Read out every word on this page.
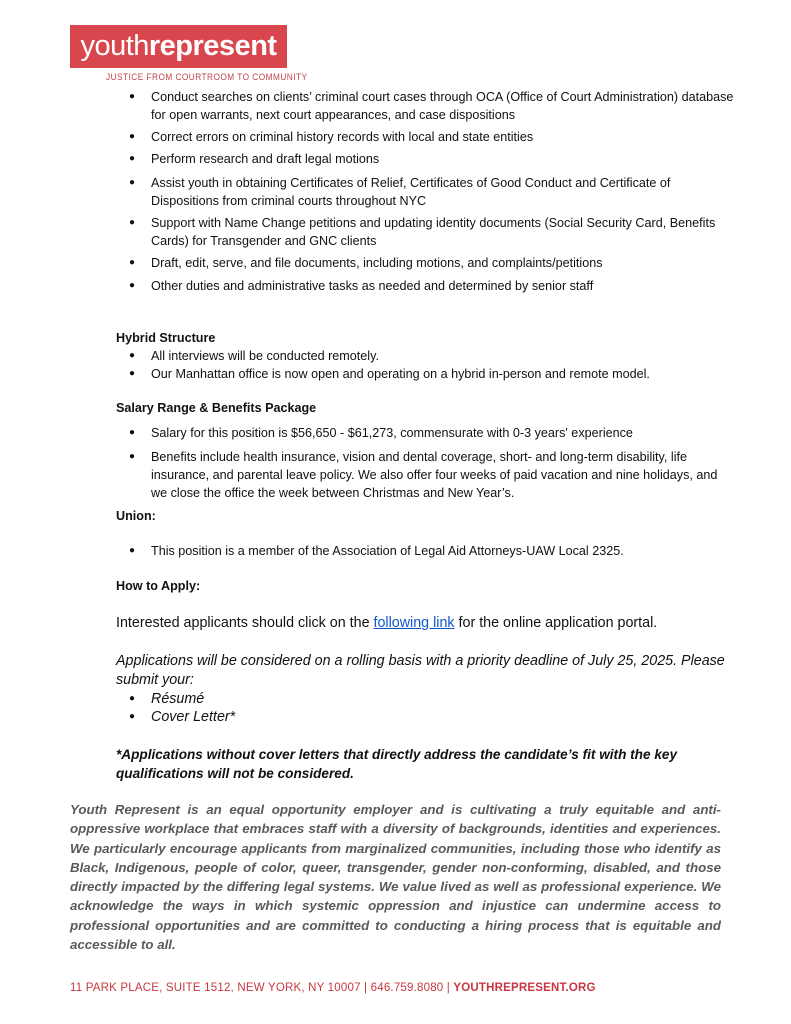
youthrepresent
JUSTICE FROM COURTROOM TO COMMUNITY
● Conduct searches on clients’ criminal court cases through OCA (Office of Court Administration) database for open warrants, next court appearances, and case dispositions
● Correct errors on criminal history records with local and state entities
● Perform research and draft legal motions
● Assist youth in obtaining Certificates of Relief, Certificates of Good Conduct and Certificate of Dispositions from criminal courts throughout NYC
● Support with Name Change petitions and updating identity documents (Social Security Card, Benefits Cards) for Transgender and GNC clients
● Draft, edit, serve, and file documents, including motions, and complaints/petitions
● Other duties and administrative tasks as needed and determined by senior staff
Hybrid Structure
● All interviews will be conducted remotely.
● Our Manhattan office is now open and operating on a hybrid in-person and remote model.
Salary Range & Benefits Package
● Salary for this position is $56,650 - $61,273, commensurate with 0-3 years' experience
● Benefits include health insurance, vision and dental coverage, short- and long-term disability, life insurance, and parental leave policy. We also offer four weeks of paid vacation and nine holidays, and we close the office the week between Christmas and New Year’s.
Union:
● This position is a member of the Association of Legal Aid Attorneys-UAW Local 2325.
How to Apply:
Interested applicants should click on the following link for the online application portal.
Applications will be considered on a rolling basis with a priority deadline of July 25, 2025. Please submit your:
● Résumé
● Cover Letter*
*Applications without cover letters that directly address the candidate’s fit with the key qualifications will not be considered.
Youth Represent is an equal opportunity employer and is cultivating a truly equitable and anti-oppressive workplace that embraces staff with a diversity of backgrounds, identities and experiences. We particularly encourage applicants from marginalized communities, including those who identify as Black, Indigenous, people of color, queer, transgender, gender non-conforming, disabled, and those directly impacted by the differing legal systems. We value lived as well as professional experience. We acknowledge the ways in which systemic oppression and injustice can undermine access to professional opportunities and are committed to conducting a hiring process that is equitable and accessible to all.
11 PARK PLACE, SUITE 1512, NEW YORK, NY 10007 | 646.759.8080 | YOUTHREPRESENT.ORG
